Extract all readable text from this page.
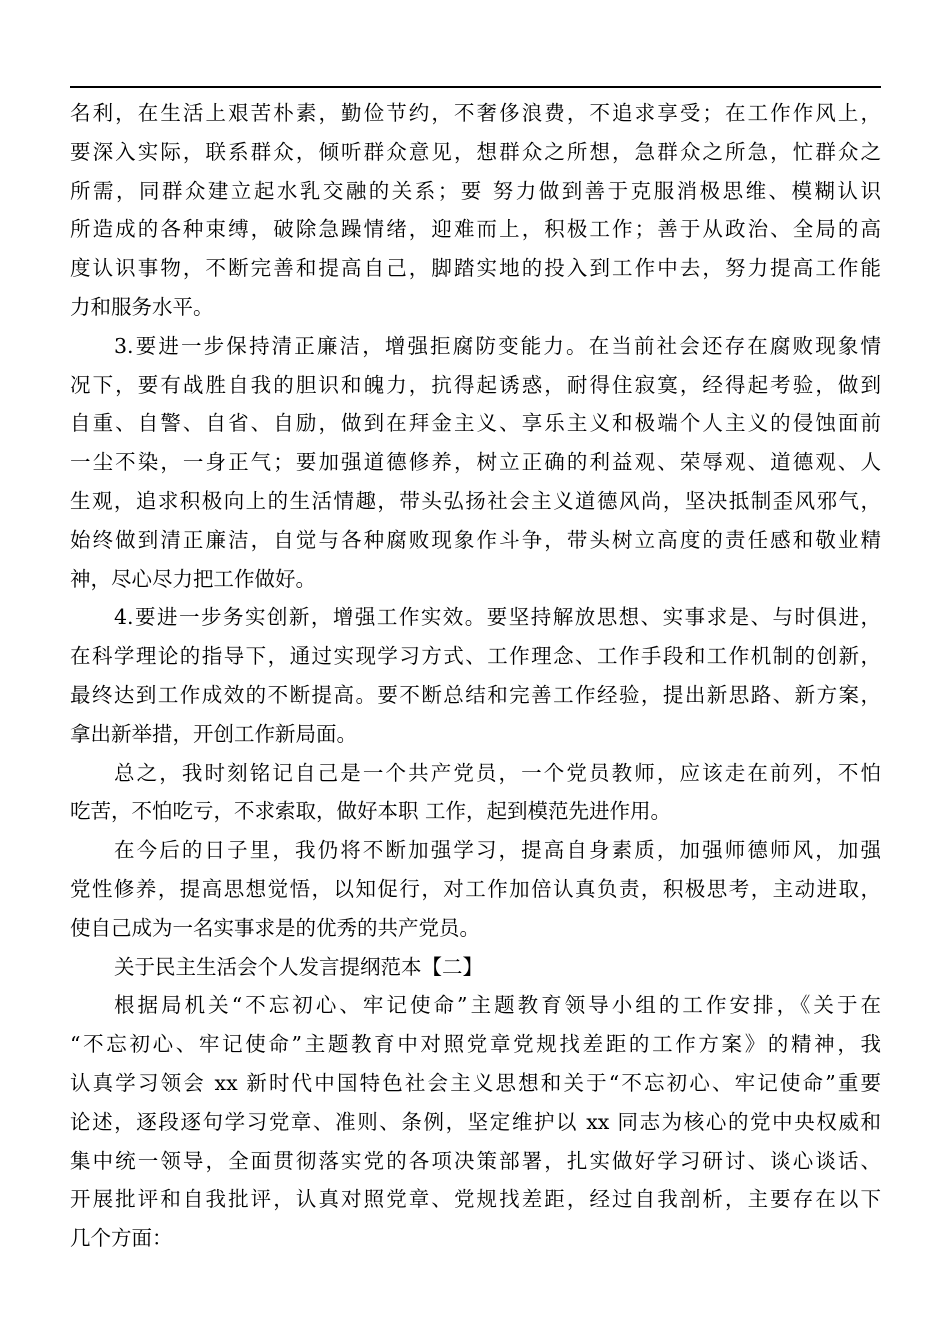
名利，在生活上艰苦朴素，勤俭节约，不奢侈浪费，不追求享受；在工作作风上，
要深入实际，联系群众，倾听群众意见，想群众之所想，急群众之所急，忙群众之
所需，同群众建立起水乳交融的关系；要 努力做到善于克服消极思维、模糊认识
所造成的各种束缚，破除急躁情绪，迎难而上，积极工作；善于从政治、全局的高
度认识事物，不断完善和提高自己，脚踏实地的投入到工作中去，努力提高工作能
力和服务水平。
3.要进一步保持清正廉洁，增强拒腐防变能力。在当前社会还存在腐败现象情
况下，要有战胜自我的胆识和魄力，抗得起诱惑，耐得住寂寞，经得起考验，做到
自重、自警、自省、自励，做到在拜金主义、享乐主义和极端个人主义的侵蚀面前
一尘不染，一身正气；要加强道德修养，树立正确的利益观、荣辱观、道德观、人
生观，追求积极向上的生活情趣，带头弘扬社会主义道德风尚，坚决抵制歪风邪气，
始终做到清正廉洁，自觉与各种腐败现象作斗争，带头树立高度的责任感和敬业精
神，尽心尽力把工作做好。
4.要进一步务实创新，增强工作实效。要坚持解放思想、实事求是、与时俱进，
在科学理论的指导下，通过实现学习方式、工作理念、工作手段和工作机制的创新，
最终达到工作成效的不断提高。要不断总结和完善工作经验，提出新思路、新方案，
拿出新举措，开创工作新局面。
总之，我时刻铭记自己是一个共产党员，一个党员教师，应该走在前列，不怕
吃苦，不怕吃亏，不求索取，做好本职 工作，起到模范先进作用。
在今后的日子里，我仍将不断加强学习，提高自身素质，加强师德师风，加强
党性修养，提高思想觉悟，以知促行，对工作加倍认真负责，积极思考，主动进取，
使自己成为一名实事求是的优秀的共产党员。
关于民主生活会个人发言提纲范本【二】
根据局机关“不忘初心、牢记使命”主题教育领导小组的工作安排，《关于在
“不忘初心、牢记使命”主题教育中对照党章党规找差距的工作方案》的精神，我
认真学习领会 xx 新时代中国特色社会主义思想和关于“不忘初心、牢记使命”重要
论述，逐段逐句学习党章、准则、条例，坚定维护以 xx 同志为核心的党中央权威和
集中统一领导，全面贯彻落实党的各项决策部署，扎实做好学习研讨、谈心谈话、
开展批评和自我批评，认真对照党章、党规找差距，经过自我剖析，主要存在以下
几个方面：
